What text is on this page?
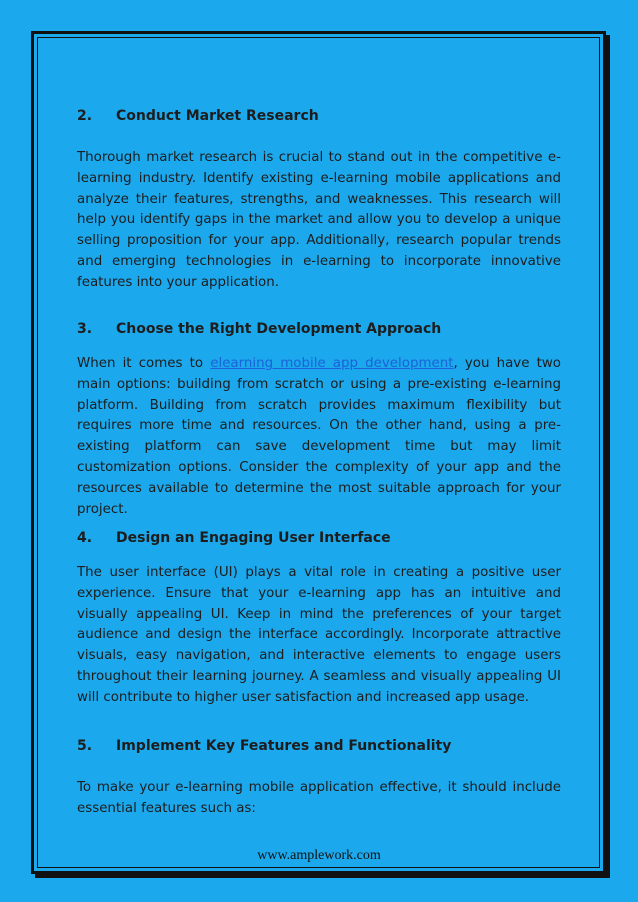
2.	Conduct Market Research

Thorough market research is crucial to stand out in the competitive e-learning industry. Identify existing e-learning mobile applications and analyze their features, strengths, and weaknesses. This research will help you identify gaps in the market and allow you to develop a unique selling proposition for your app. Additionally, research popular trends and emerging technologies in e-learning to incorporate innovative features into your application.

3.	Choose the Right Development Approach

When it comes to elearning mobile app development, you have two main options: building from scratch or using a pre-existing e-learning platform. Building from scratch provides maximum flexibility but requires more time and resources. On the other hand, using a pre-existing platform can save development time but may limit customization options. Consider the complexity of your app and the resources available to determine the most suitable approach for your project.

4.	Design an Engaging User Interface

The user interface (UI) plays a vital role in creating a positive user experience. Ensure that your e-learning app has an intuitive and visually appealing UI. Keep in mind the preferences of your target audience and design the interface accordingly. Incorporate attractive visuals, easy navigation, and interactive elements to engage users throughout their learning journey. A seamless and visually appealing UI will contribute to higher user satisfaction and increased app usage.

5.	Implement Key Features and Functionality

To make your e-learning mobile application effective, it should include essential features such as:

www.amplework.com
